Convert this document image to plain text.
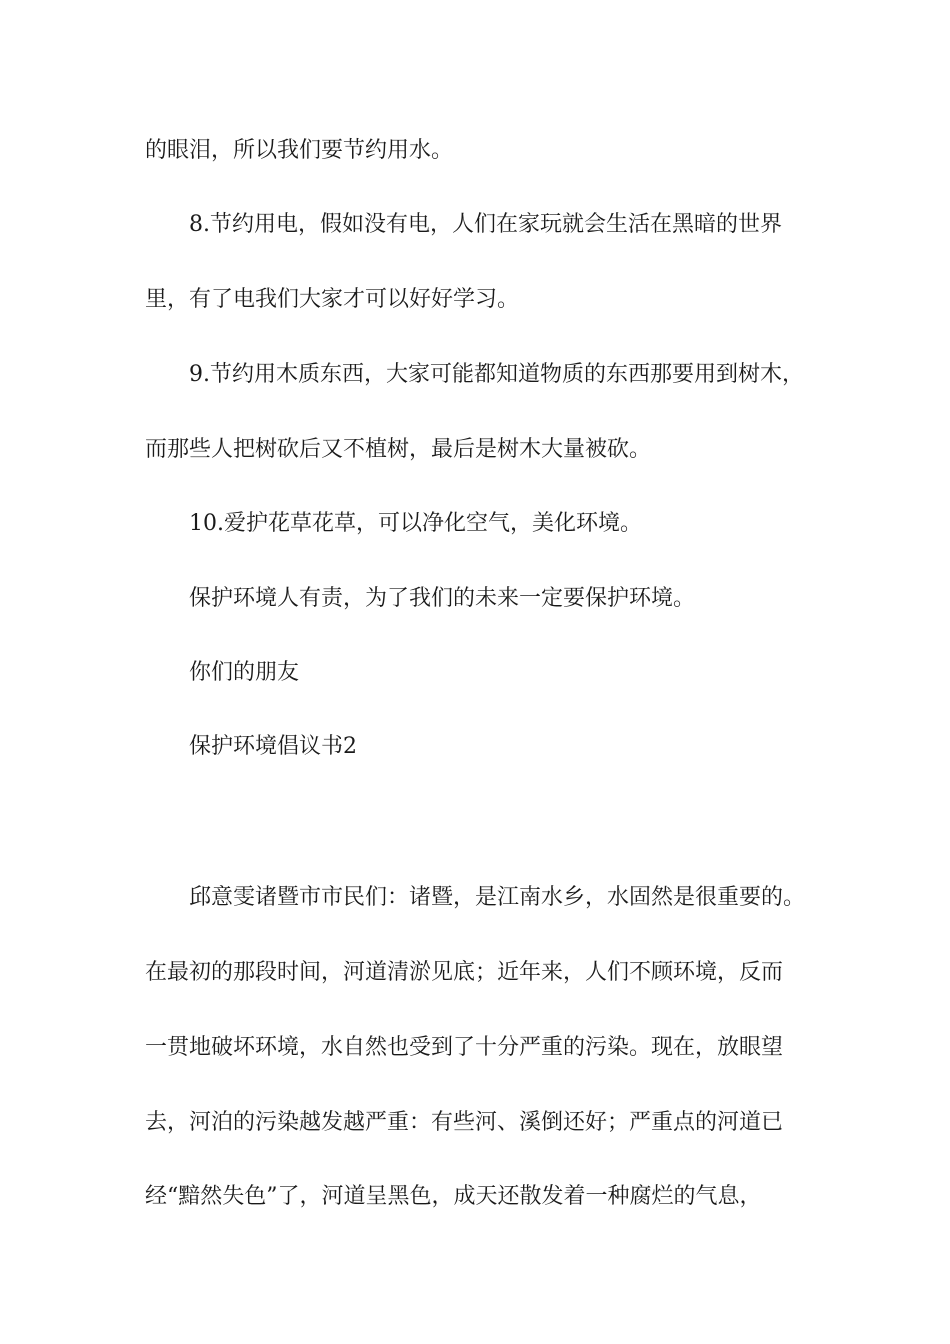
的眼泪，所以我们要节约用水。

8.节约用电，假如没有电，人们在家玩就会生活在黑暗的世界

里，有了电我们大家才可以好好学习。

9.节约用木质东西，大家可能都知道物质的东西那要用到树木，

而那些人把树砍后又不植树，最后是树木大量被砍。

10.爱护花草花草，可以净化空气，美化环境。

保护环境人有责，为了我们的未来一定要保护环境。

你们的朋友

保护环境倡议书2

邱意雯诸暨市市民们：诸暨，是江南水乡，水固然是很重要的。

在最初的那段时间，河道清淤见底；近年来，人们不顾环境，反而

一贯地破坏环境，水自然也受到了十分严重的污染。现在，放眼望

去，河泊的污染越发越严重：有些河、溪倒还好；严重点的河道已

经“黯然失色”了，河道呈黑色，成天还散发着一种腐烂的气息，
